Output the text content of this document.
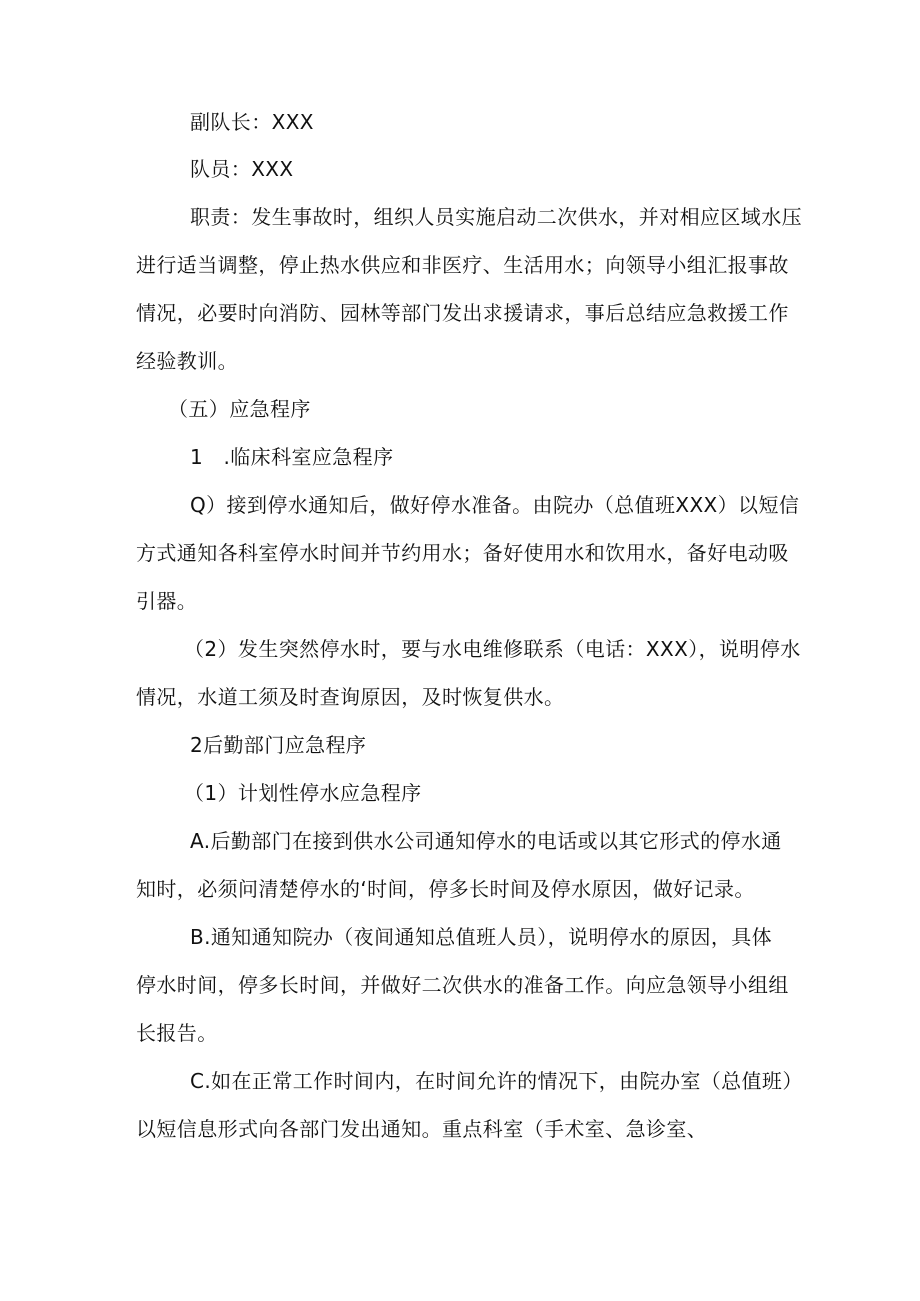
副队长：XXX
队员：XXX
职责：发生事故时，组织人员实施启动二次供水，并对相应区域水压
进行适当调整，停止热水供应和非医疗、生活用水；向领导小组汇报事故
情况，必要时向消防、园林等部门发出求援请求，事后总结应急救援工作
经验教训。
（五）应急程序
1　.临床科室应急程序
Q）接到停水通知后，做好停水准备。由院办（总值班XXX）以短信
方式通知各科室停水时间并节约用水；备好使用水和饮用水，备好电动吸
引器。
（2）发生突然停水时，要与水电维修联系（电话：XXX），说明停水
情况，水道工须及时查询原因，及时恢复供水。
2后勤部门应急程序
（1）计划性停水应急程序
A.后勤部门在接到供水公司通知停水的电话或以其它形式的停水通
知时，必须问清楚停水的‘时间，停多长时间及停水原因，做好记录。
B.通知通知院办（夜间通知总值班人员），说明停水的原因，具体
停水时间，停多长时间，并做好二次供水的准备工作。向应急领导小组组
长报告。
C.如在正常工作时间内，在时间允许的情况下，由院办室（总值班）
以短信息形式向各部门发出通知。重点科室（手术室、急诊室、
